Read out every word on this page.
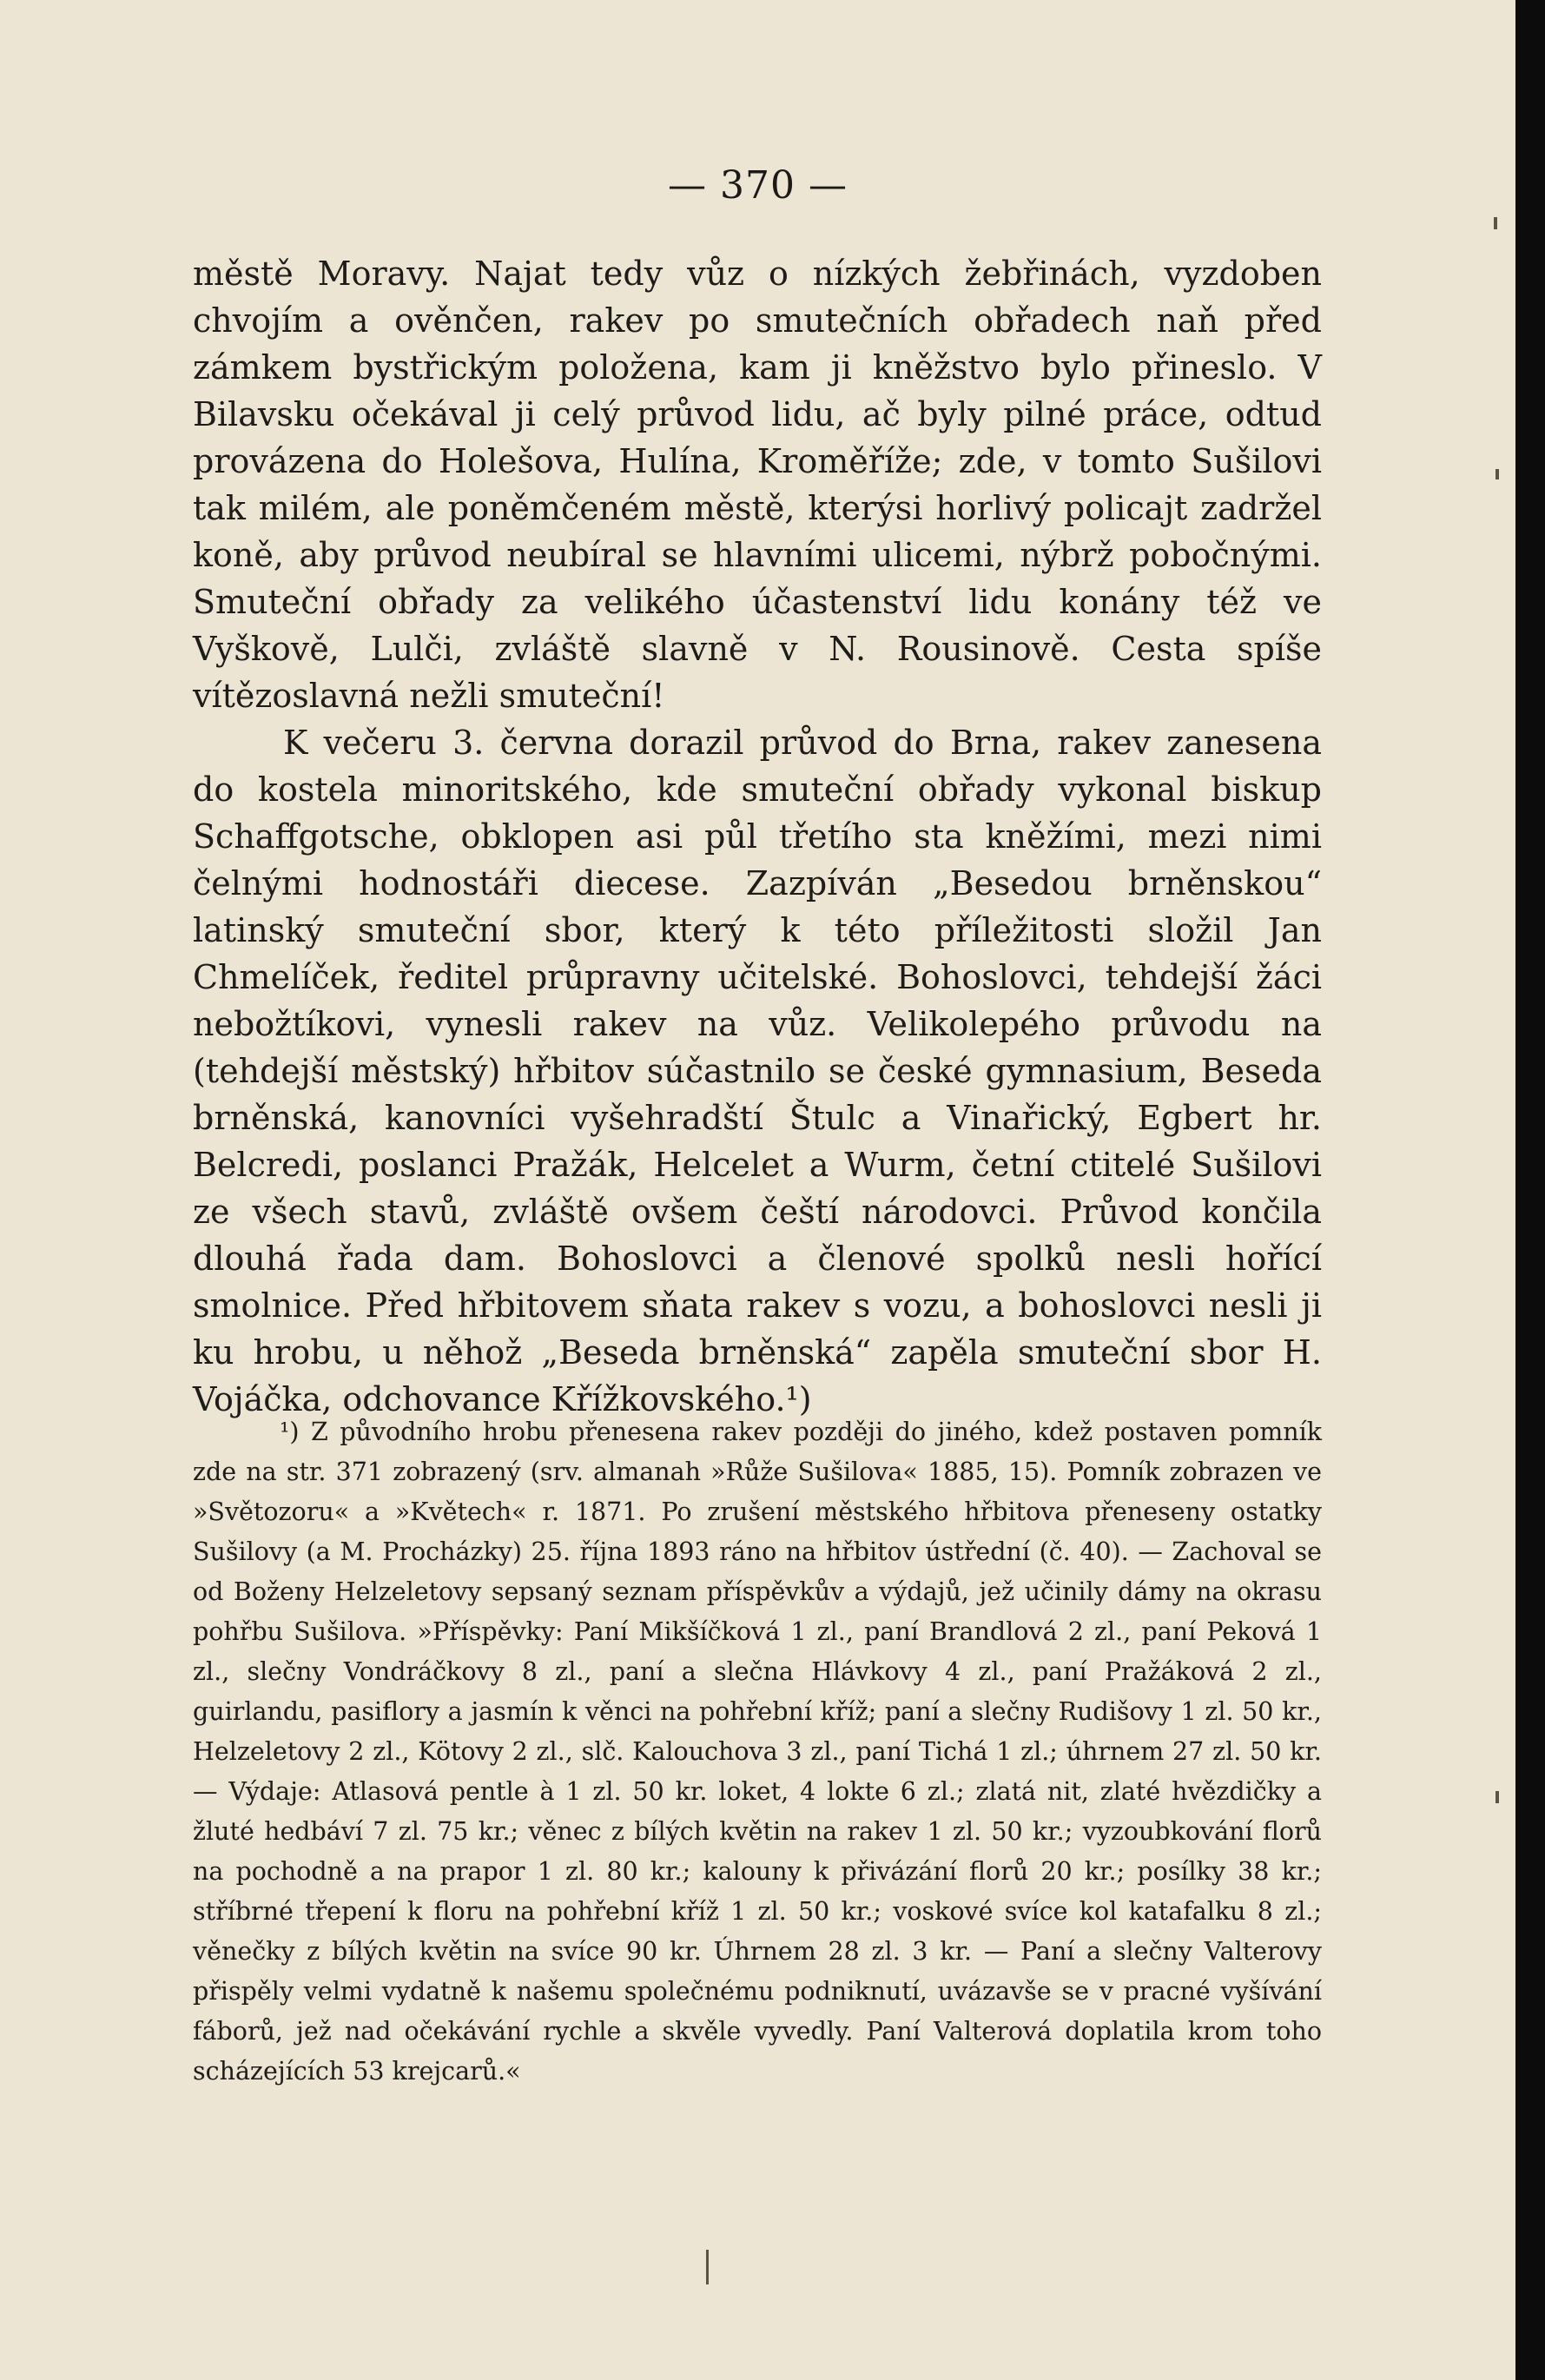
— 370 —

městě Moravy. Najat tedy vůz o nízkých žebřinách, vyzdoben chvojím a ověnčen, rakev po smutečních obřadech naň před zámkem bystřickým položena, kam ji kněžstvo bylo přineslo. V Bilavsku očekával ji celý průvod lidu, ač byly pilné práce, odtud provázena do Holešova, Hulína, Kroměříže; zde, v tomto Sušilovi tak milém, ale poněmčeném městě, kterýsi horlivý policajt zadržel koně, aby průvod neubíral se hlavními ulicemi, nýbrž pobočnými. Smuteční obřady za velikého účastenství lidu konány též ve Vyškově, Lulči, zvláště slavně v N. Rousinově. Cesta spíše vítězoslavná nežli smuteční!

K večeru 3. června dorazil průvod do Brna, rakev zanesena do kostela minoritského, kde smuteční obřady vykonal biskup Schaffgotsche, obklopen asi půl třetího sta kněžími, mezi nimi čelnými hodnostáři diecese. Zazpíván „Besedou brněnskou“ latinský smuteční sbor, který k této příležitosti složil Jan Chmelíček, ředitel průpravny učitelské. Bohoslovci, tehdejší žáci nebožtíkovi, vynesli rakev na vůz. Velikolepého průvodu na (tehdejší městský) hřbitov súčastnilo se české gymnasium, Beseda brněnská, kanovníci vyšehradští Štulc a Vinařický, Egbert hr. Belcredi, poslanci Pražák, Helcelet a Wurm, četní ctitelé Sušilovi ze všech stavů, zvláště ovšem čeští národovci. Průvod končila dlouhá řada dam. Bohoslovci a členové spolků nesli hořící smolnice. Před hřbitovem sňata rakev s vozu, a bohoslovci nesli ji ku hrobu, u něhož „Beseda brněnská“ zapěla smuteční sbor H. Vojáčka, odchovance Křížkovského.¹)

¹) Z původního hrobu přenesena rakev později do jiného, kdež postaven pomník zde na str. 371 zobrazený (srv. almanah »Růže Sušilova« 1885, 15). Pomník zobrazen ve »Světozoru« a »Květech« r. 1871. Po zrušení městského hřbitova přeneseny ostatky Sušilovy (a M. Procházky) 25. října 1893 ráno na hřbitov ústřední (č. 40). — Zachoval se od Boženy Helzeletovy sepsaný seznam příspěvkův a výdajů, jež učinily dámy na okrasu pohřbu Sušilova. »Příspěvky: Paní Mikšíčková 1 zl., paní Brandlová 2 zl., paní Peková 1 zl., slečny Vondráčkovy 8 zl., paní a slečna Hlávkovy 4 zl., paní Pražáková 2 zl., guirlandu, pasiflory a jasmín k věnci na pohřební kříž; paní a slečny Rudišovy 1 zl. 50 kr., Helzeletovy 2 zl., Kötovy 2 zl., slč. Kalouchova 3 zl., paní Tichá 1 zl.; úhrnem 27 zl. 50 kr. — Výdaje: Atlasová pentle à 1 zl. 50 kr. loket, 4 lokte 6 zl.; zlatá nit, zlaté hvězdičky a žluté hedbáví 7 zl. 75 kr.; věnec z bílých květin na rakev 1 zl. 50 kr.; vyzoubkování florů na pochodně a na prapor 1 zl. 80 kr.; kalouny k přivázání florů 20 kr.; posílky 38 kr.; stříbrné třepení k floru na pohřební kříž 1 zl. 50 kr.; voskové svíce kol katafalku 8 zl.; věnečky z bílých květin na svíce 90 kr. Úhrnem 28 zl. 3 kr. — Paní a slečny Valterovy přispěly velmi vydatně k našemu společnému podniknutí, uvázavše se v pracné vyšívání fáborů, jež nad očekávání rychle a skvěle vyvedly. Paní Valterová doplatila krom toho scházejících 53 krejcarů.«
